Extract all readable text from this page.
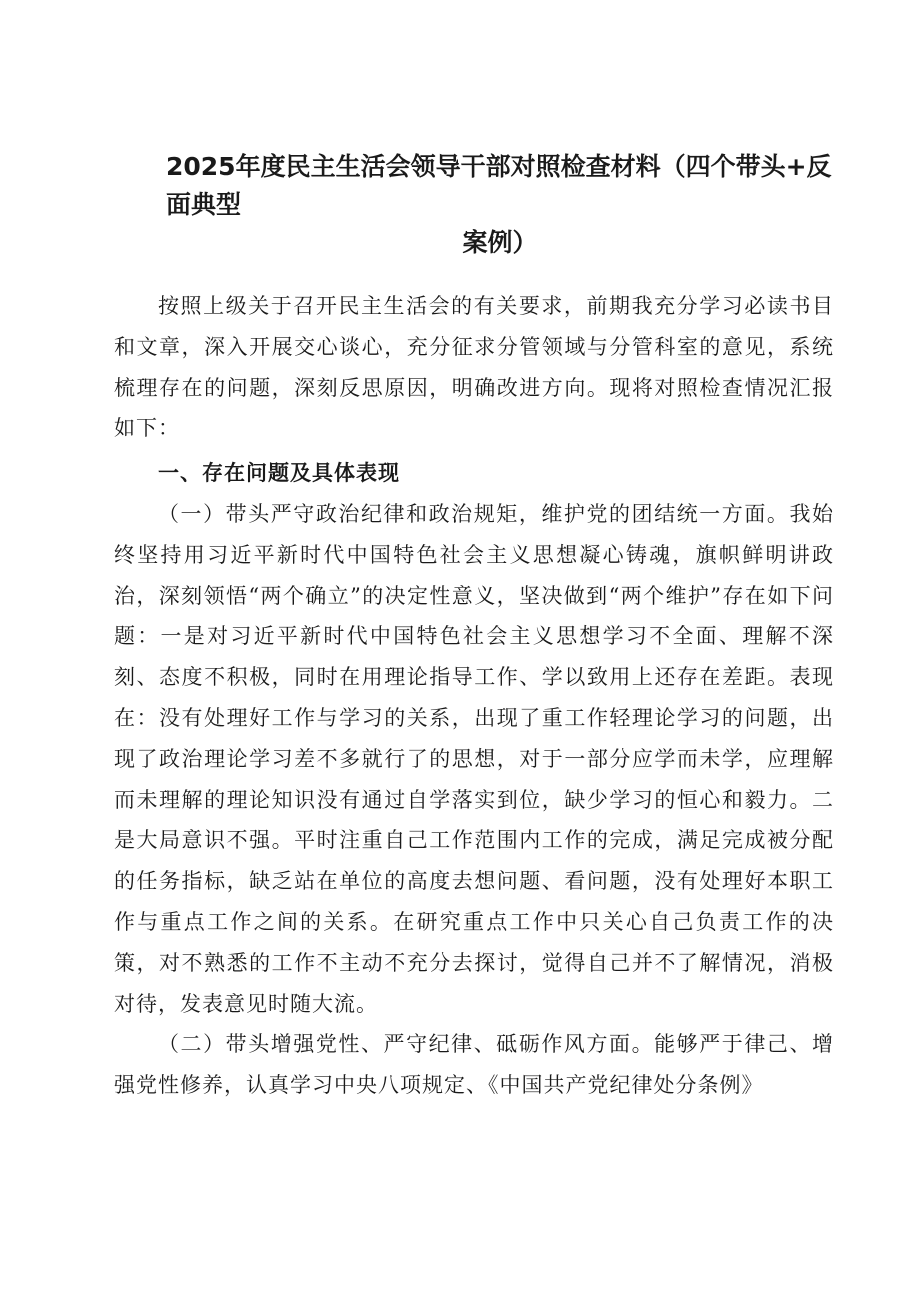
2025年度民主生活会领导干部对照检查材料（四个带头+反面典型
案例）

按照上级关于召开民主生活会的有关要求，前期我充分学习必读书目和文章，深入开展交心谈心，充分征求分管领域与分管科室的意见，系统梳理存在的问题，深刻反思原因，明确改进方向。现将对照检查情况汇报如下：

一、存在问题及具体表现

（一）带头严守政治纪律和政治规矩，维护党的团结统一方面。我始终坚持用习近平新时代中国特色社会主义思想凝心铸魂，旗帜鲜明讲政治，深刻领悟“两个确立”的决定性意义，坚决做到“两个维护”存在如下问题：一是对习近平新时代中国特色社会主义思想学习不全面、理解不深刻、态度不积极，同时在用理论指导工作、学以致用上还存在差距。表现在：没有处理好工作与学习的关系，出现了重工作轻理论学习的问题，出现了政治理论学习差不多就行了的思想，对于一部分应学而未学，应理解而未理解的理论知识没有通过自学落实到位，缺少学习的恒心和毅力。二是大局意识不强。平时注重自己工作范围内工作的完成，满足完成被分配的任务指标，缺乏站在单位的高度去想问题、看问题，没有处理好本职工作与重点工作之间的关系。在研究重点工作中只关心自己负责工作的决策，对不熟悉的工作不主动不充分去探讨，觉得自己并不了解情况，消极对待，发表意见时随大流。

（二）带头增强党性、严守纪律、砥砺作风方面。能够严于律己、增强党性修养，认真学习中央八项规定、《中国共产党纪律处分条例》
